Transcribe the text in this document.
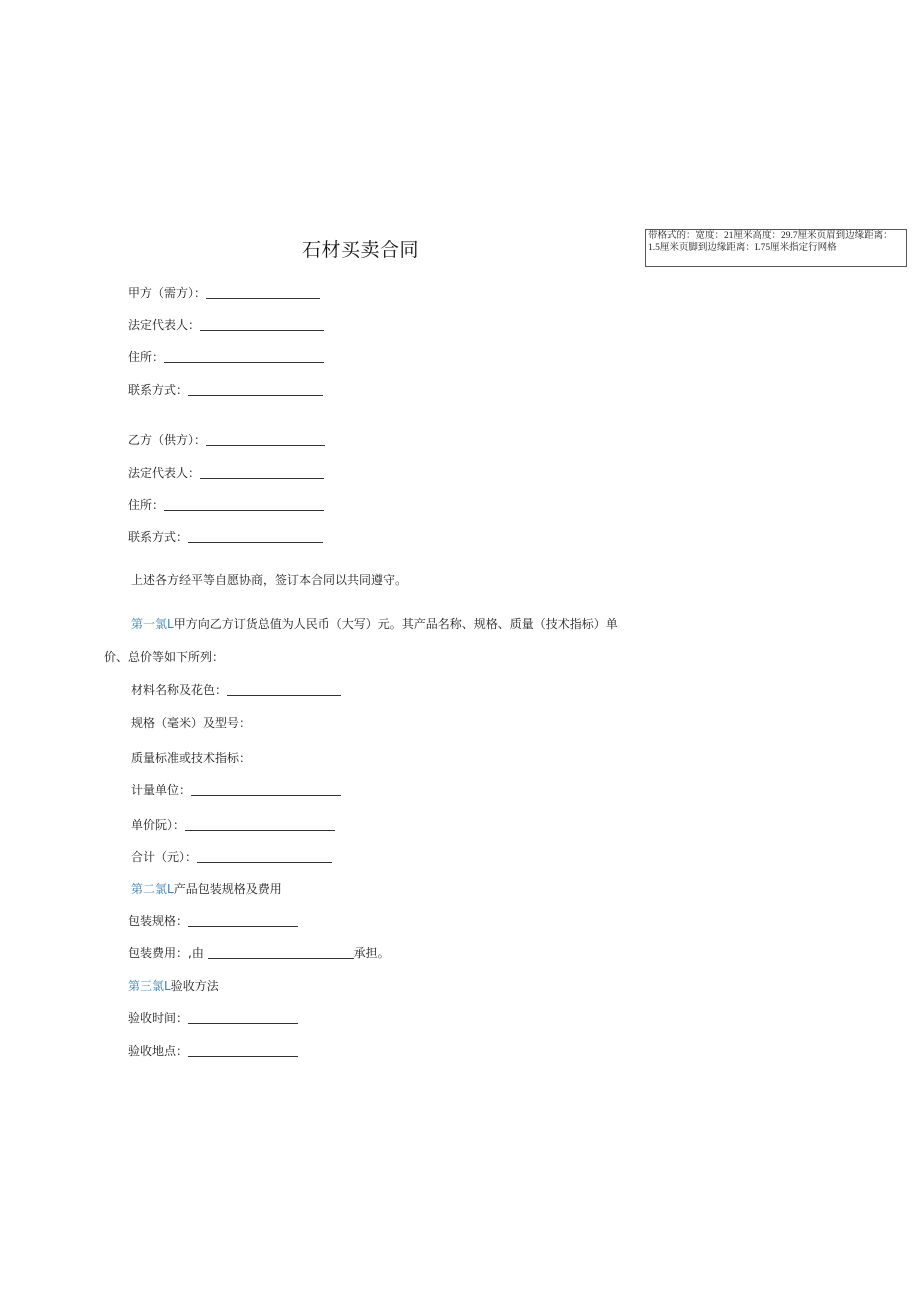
石材买卖合同
带格式的：宽度：21厘米高度：29.7厘米页眉到边缘距离：1.5厘米页脚到边缘距离：L75厘米指定行网格
甲方（需方）：
法定代表人：
住所：
联系方式：
乙方（供方）：
法定代表人：
住所：
联系方式：
上述各方经平等自愿协商，签订本合同以共同遵守。
第一氯L甲方向乙方订货总值为人民币（大写）元。其产品名称、规格、质量（技术指标）单
价、总价等如下所列：
材料名称及花色：
规格（毫米）及型号：
质量标准或技术指标：
计量单位：
单价阮）：
合计（元）：
第二氯L产品包装规格及费用
包装规格：
包装费用：,由	承担。
第三氯L验收方法
验收时间：
验收地点：
